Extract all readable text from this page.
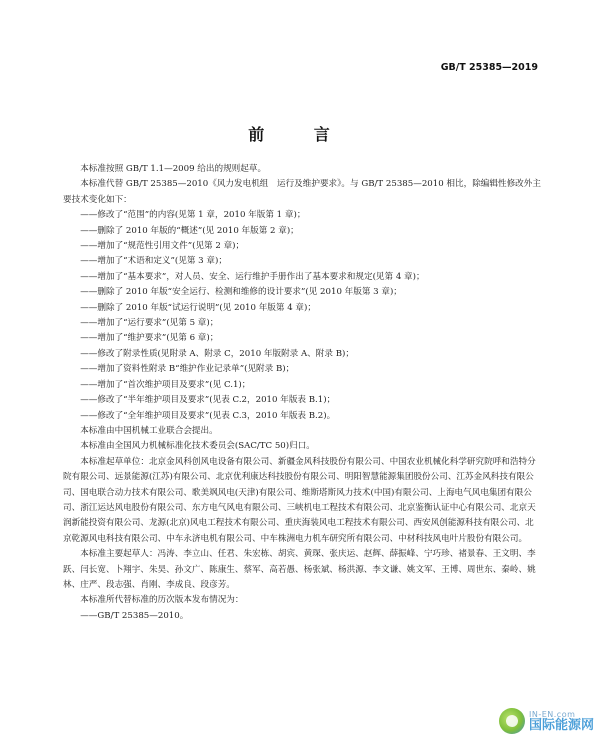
GB/T 25385—2019
前 言

本标准按照 GB/T 1.1—2009 给出的规则起草。

本标准代替 GB/T 25385—2010《风力发电机组　运行及维护要求》。与 GB/T 25385—2010 相比，除编辑性修改外主要技术变化如下：

——修改了“范围”的内容(见第 1 章，2010 年版第 1 章)；

——删除了 2010 年版的“概述”(见 2010 年版第 2 章)；

——增加了“规范性引用文件”(见第 2 章)；

——增加了“术语和定义”(见第 3 章)；

——增加了“基本要求”，对人员、安全、运行维护手册作出了基本要求和规定(见第 4 章)；

——删除了 2010 年版“安全运行、检测和维修的设计要求”(见 2010 年版第 3 章)；

——删除了 2010 年版“试运行说明”(见 2010 年版第 4 章)；

——增加了“运行要求”(见第 5 章)；

——增加了“维护要求”(见第 6 章)；

——修改了附录性质(见附录 A、附录 C，2010 年版附录 A、附录 B)；

——增加了资料性附录 B“维护作业记录单”(见附录 B)；

——增加了“首次维护项目及要求”(见 C.1)；

——修改了“半年维护项目及要求”(见表 C.2，2010 年版表 B.1)；

——修改了“全年维护项目及要求”(见表 C.3，2010 年版表 B.2)。

本标准由中国机械工业联合会提出。

本标准由全国风力机械标准化技术委员会(SAC/TC 50)归口。

本标准起草单位：北京金风科创风电设备有限公司、新疆金风科技股份有限公司、中国农业机械化科学研究院呼和浩特分院有限公司、远景能源(江苏)有限公司、北京优利康达科技股份有限公司、明阳智慧能源集团股份公司、江苏金风科技有限公司、国电联合动力技术有限公司、歌美飒风电(天津)有限公司、维斯塔斯风力技术(中国)有限公司、上海电气风电集团有限公司、浙江运达风电股份有限公司、东方电气风电有限公司、三峡机电工程技术有限公司、北京鉴衡认证中心有限公司、北京天润新能投资有限公司、龙源(北京)风电工程技术有限公司、重庆海装风电工程技术有限公司、西安风创能源科技有限公司、北京乾源风电科技有限公司、中车永济电机有限公司、中车株洲电力机车研究所有限公司、中材科技风电叶片股份有限公司。

本标准主要起草人：冯涛、李立山、任君、朱宏栋、胡宾、黄琛、张庆运、赵辉、薛振峰、宁巧珍、褚景春、王文明、李跃、闫长宽、卜翔宇、朱昊、孙文广、陈康生、蔡军、高若愚、杨张斌、杨洪源、李文谦、姚文军、王博、周世东、秦岭、姚林、庄严、段志强、肖刚、李成良、段彦芳。

本标准所代替标准的历次版本发布情况为：

——GB/T 25385—2010。

IN-EN.com
国际能源网
